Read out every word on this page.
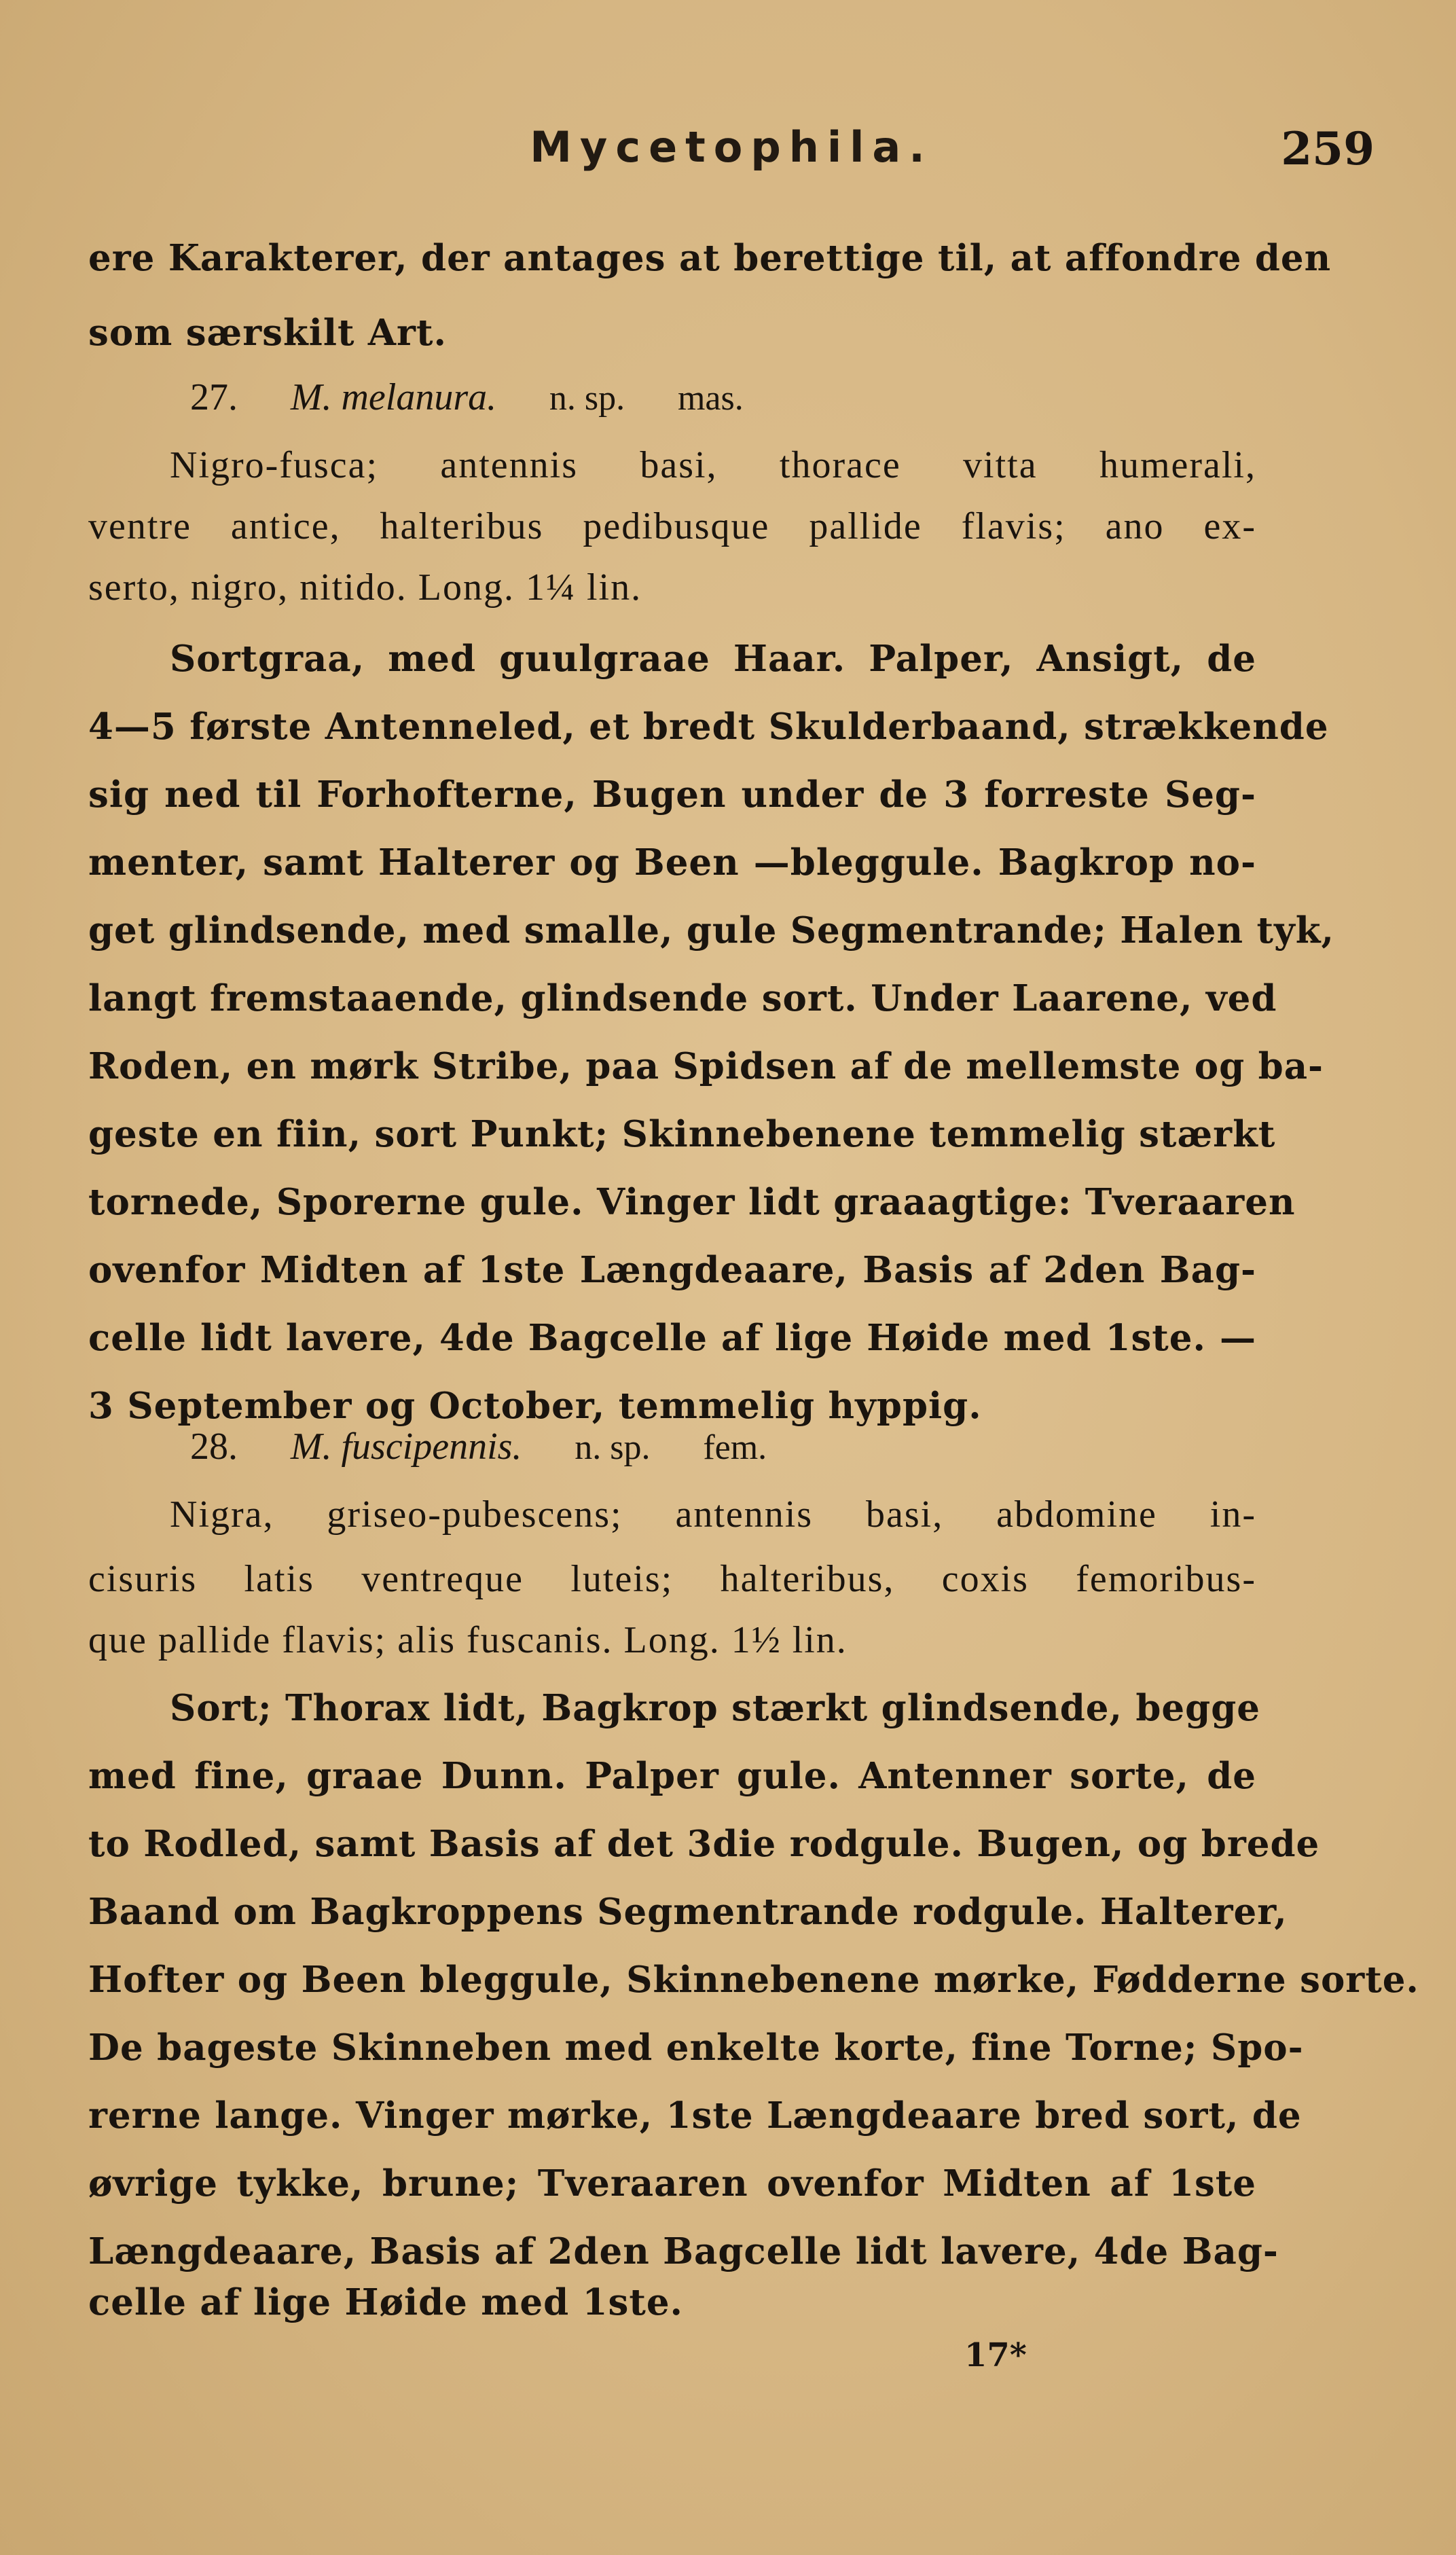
Mycetophila.	259
ere Karakterer, der antages at berettige til, at affondre den
som særskilt Art.
27. M. melanura. n. sp. mas.
Nigro-fusca; antennis basi, thorace vitta humerali,
ventre antice, halteribus pedibusque pallide flavis; ano ex-
serto, nigro, nitido. Long. 1¼ lin.
Sortgraa, med guulgraae Haar. Palper, Ansigt, de
4—5 første Antenneled, et bredt Skulderbaand, strækkende
sig ned til Forhofterne, Bugen under de 3 forreste Seg-
menter, samt Halterer og Been —bleggule. Bagkrop no-
get glindsende, med smalle, gule Segmentrande; Halen tyk,
langt fremstaaende, glindsende sort. Under Laarene, ved
Roden, en mørk Stribe, paa Spidsen af de mellemste og ba-
geste en fiin, sort Punkt; Skinnebenene temmelig stærkt
tornede, Sporerne gule. Vinger lidt graaagtige: Tveraaren
ovenfor Midten af 1ste Længdeaare, Basis af 2den Bag-
celle lidt lavere, 4de Bagcelle af lige Høide med 1ste. —
3 September og October, temmelig hyppig.
28. M. fuscipennis. n. sp. fem.
Nigra, griseo-pubescens; antennis basi, abdomine in-
cisuris latis ventreque luteis; halteribus, coxis femoribus-
que pallide flavis; alis fuscanis. Long. 1½ lin.
Sort; Thorax lidt, Bagkrop stærkt glindsende, begge
med fine, graae Dunn. Palper gule. Antenner sorte, de
to Rodled, samt Basis af det 3die rodgule. Bugen, og brede
Baand om Bagkroppens Segmentrande rodgule. Halterer,
Hofter og Been bleggule, Skinnebenene mørke, Fødderne sorte.
De bageste Skinneben med enkelte korte, fine Torne; Spo-
rerne lange. Vinger mørke, 1ste Længdeaare bred sort, de
øvrige tykke, brune; Tveraaren ovenfor Midten af 1ste
Længdeaare, Basis af 2den Bagcelle lidt lavere, 4de Bag-
celle af lige Høide med 1ste.
17*
